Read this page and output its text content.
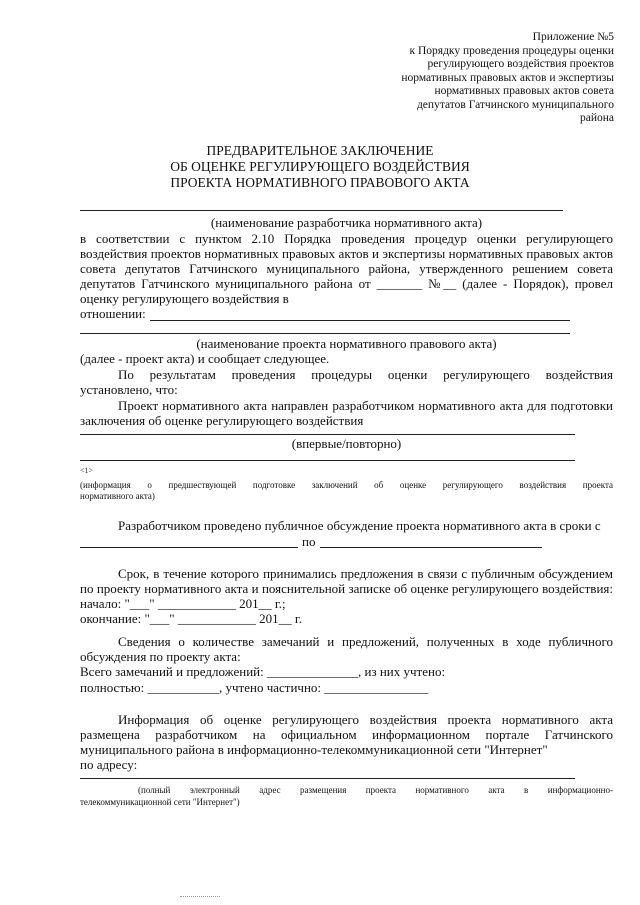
Приложение №5
к Порядку проведения процедуры оценки
регулирующего воздействия проектов
нормативных правовых актов и экспертизы
нормативных правовых актов совета
депутатов Гатчинского муниципального
района
ПРЕДВАРИТЕЛЬНОЕ ЗАКЛЮЧЕНИЕ
ОБ ОЦЕНКЕ РЕГУЛИРУЮЩЕГО ВОЗДЕЙСТВИЯ
ПРОЕКТА НОРМАТИВНОГО ПРАВОВОГО АКТА
(наименование разработчика нормативного акта)
в соответствии с пунктом 2.10 Порядка проведения процедур оценки регулирующего
воздействия проектов нормативных правовых актов и экспертизы нормативных правовых актов
совета депутатов Гатчинского муниципального района, утвержденного решением совета
депутатов Гатчинского муниципального района от _______ №__ (далее - Порядок), провел
оценку регулирующего воздействия в
отношении:
(наименование проекта нормативного правового акта)
(далее - проект акта) и сообщает следующее.
По результатам проведения процедуры оценки регулирующего воздействия
установлено, что:
Проект нормативного акта направлен разработчиком нормативного акта для подготовки
заключения об оценке регулирующего воздействия
(впервые/повторно)
<1>
(информация о предшествующей подготовке заключений об оценке регулирующего воздействия проекта
нормативного акта)
Разработчиком проведено публичное обсуждение проекта нормативного акта в сроки с
по
Срок, в течение которого принимались предложения в связи с публичным обсуждением
по проекту нормативного акта и пояснительной записке об оценке регулирующего воздействия:
начало: "___" ____________ 201__ г.;
окончание: "___" ____________ 201__ г.
Сведения о количестве замечаний и предложений, полученных в ходе публичного
обсуждения по проекту акта:
Всего замечаний и предложений: ______________, из них учтено:
полностью: ___________, учтено частично: ________________
Информация об оценке регулирующего воздействия проекта нормативного акта
размещена разработчиком на официальном информационном портале Гатчинского
муниципального района в информационно-телекоммуникационной сети "Интернет"
по адресу:
(полный электронный адрес размещения проекта нормативного акта в информационно-
телекоммуникационной сети "Интернет")
